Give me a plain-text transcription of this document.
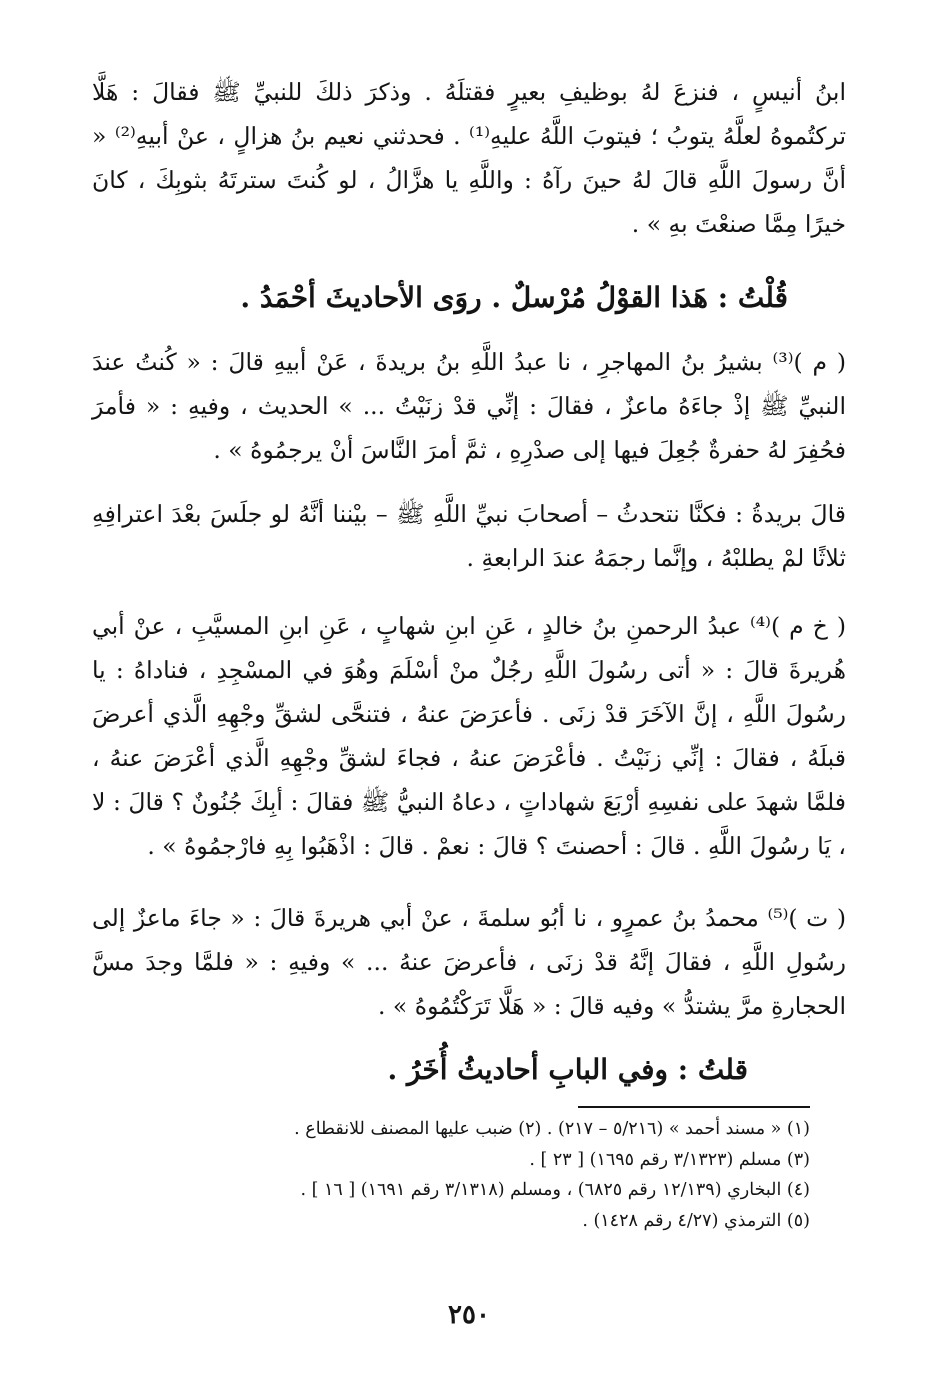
ابنُ أنيسٍ ، فنزعَ لهُ بوظيفِ بعيرٍ فقتلَهُ . وذكرَ ذلكَ للنبيِّ ﷺ فقالَ : هَلَّا تركتُموهُ لعلَّهُ يتوبُ ؛ فيتوبَ اللَّهُ عليهِ⁽¹⁾ . فحدثني نعيم بنُ هزالٍ ، عنْ أبيهِ⁽²⁾ « أنَّ رسولَ اللَّهِ قالَ لهُ حينَ رآهُ : واللَّهِ يا هزَّالُ ، لو كُنتَ سترتَهُ بثوبِكَ ، كانَ خيرًا مِمَّا صنعْتَ بهِ » .
قُلْتُ : هَذا القوْلُ مُرْسلٌ . روَى الأحاديثَ أحْمَدُ .
( م )⁽³⁾ بشيرُ بنُ المهاجرِ ، نا عبدُ اللَّهِ بنُ بريدةَ ، عَنْ أبيهِ قالَ : « كُنتُ عندَ النبيِّ ﷺ إذْ جاءَهُ ماعزٌ ، فقالَ : إنِّي قدْ زنَيْتُ ... » الحديث ، وفيهِ : « فأمرَ فحُفِرَ لهُ حفرةٌ جُعِلَ فيها إلى صدْرِهِ ، ثمَّ أمرَ النَّاسَ أنْ يرجمُوهُ » .
قالَ بريدةُ : فكنَّا نتحدثُ – أصحابَ نبيِّ اللَّهِ ﷺ – بيْننا أنَّهُ لو جلَسَ بعْدَ اعترافِهِ ثلاثًا لمْ يطلبْهُ ، وإنَّما رجمَهُ عندَ الرابعةِ .
( خ م )⁽⁴⁾ عبدُ الرحمنِ بنُ خالدٍ ، عَنِ ابنِ شهابٍ ، عَنِ ابنِ المسيَّبِ ، عنْ أبي هُريرةَ قالَ : « أتى رسُولَ اللَّهِ رجُلٌ منْ أسْلَمَ وهُوَ في المسْجِدِ ، فناداهُ : يا رسُولَ اللَّهِ ، إنَّ الآخَرَ قدْ زنَى . فأعرَضَ عنهُ ، فتنحَّى لشقِّ وجْهِهِ الَّذي أعرضَ قبلَهُ ، فقالَ : إنِّي زنَيْتُ . فأعْرَضَ عنهُ ، فجاءَ لشقِّ وجْهِهِ الَّذي أعْرَضَ عنهُ ، فلمَّا شهدَ على نفسِهِ أرْبَعَ شهاداتٍ ، دعاهُ النبيُّ ﷺ فقالَ : أبِكَ جُنُونٌ ؟ قالَ : لا ، يَا رسُولَ اللَّهِ . قالَ : أحصنتَ ؟ قالَ : نعمْ . قالَ : اذْهَبُوا بِهِ فارْجمُوهُ » .
( ت )⁽⁵⁾ محمدُ بنُ عمرٍو ، نا أبُو سلمةَ ، عنْ أبي هريرةَ قالَ : « جاءَ ماعزٌ إلى رسُولِ اللَّهِ ، فقالَ إنَّهُ قدْ زنَى ، فأعرضَ عنهُ ... » وفيهِ : « فلمَّا وجدَ مسَّ الحجارةِ مرَّ يشتدُّ » وفيه قالَ : « هَلَّا تَرَكْتُمُوهُ » .
قلتُ : وفي البابِ أحاديثُ أُخَرُ .
(١) « مسند أحمد » (٥/٢١٦ – ٢١٧) . (٢) ضبب عليها المصنف للانقطاع .
(٣) مسلم (٣/١٣٢٣ رقم ١٦٩٥) [ ٢٣ ] .
(٤) البخاري (١٢/١٣٩ رقم ٦٨٢٥) ، ومسلم (٣/١٣١٨ رقم ١٦٩١) [ ١٦ ] .
(٥) الترمذي (٤/٢٧ رقم ١٤٢٨) .
٢٥٠
